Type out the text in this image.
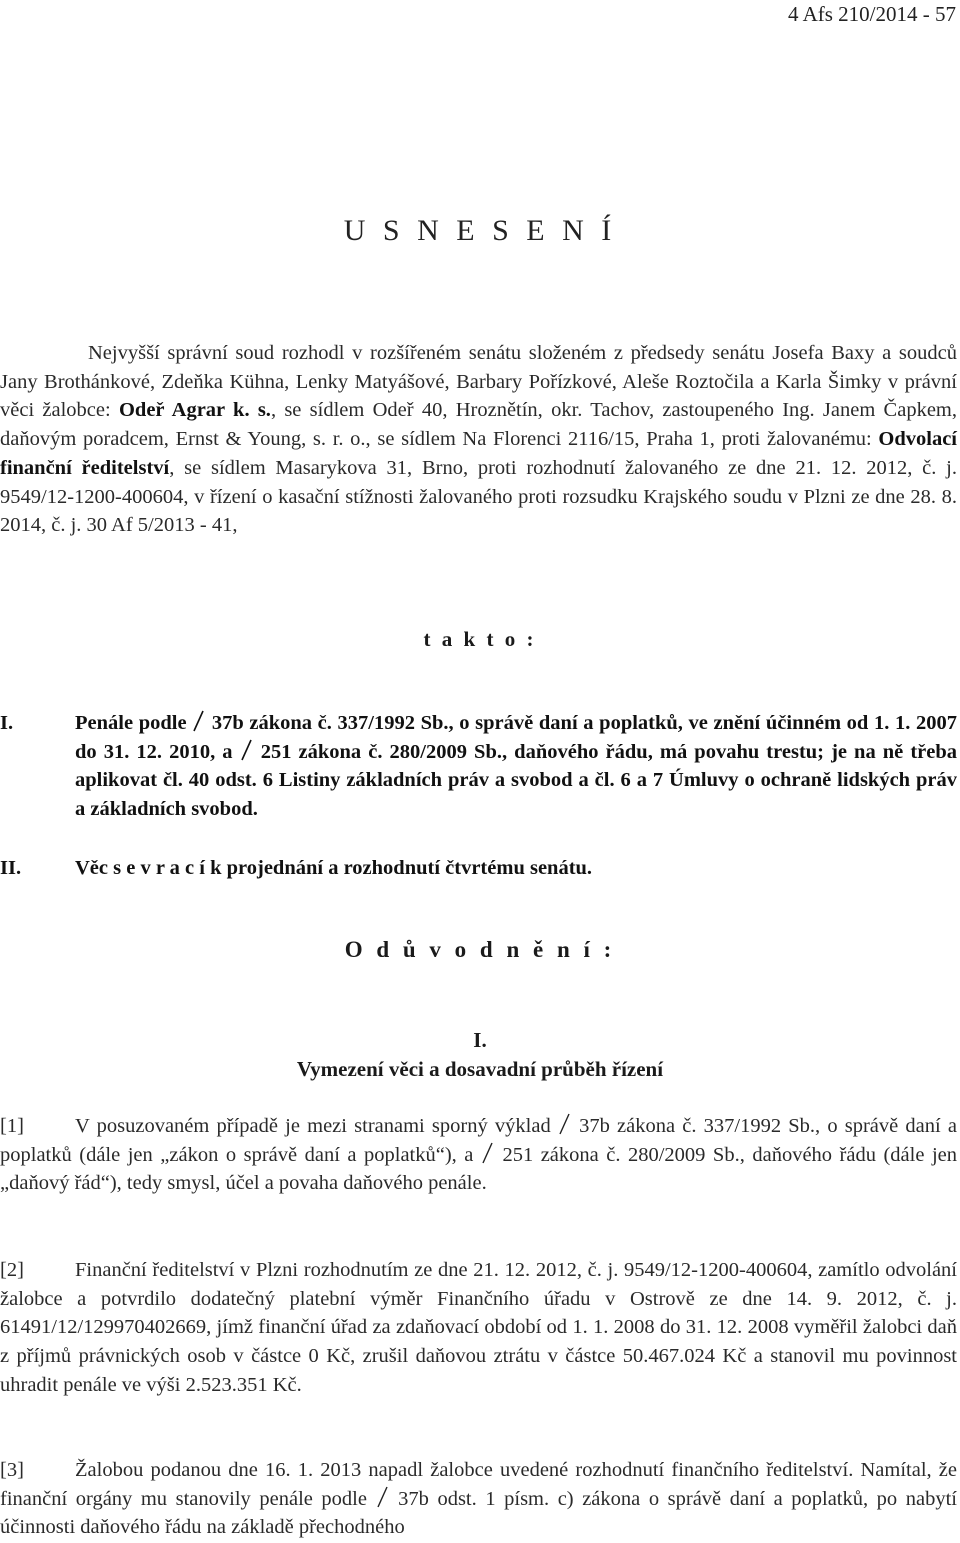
4 Afs 210/2014 - 57
U S N E S E N Í
Nejvyšší správní soud rozhodl v rozšířeném senátu složeném z předsedy senátu Josefa Baxy a soudců Jany Brothánkové, Zdeňka Kühna, Lenky Matyášové, Barbary Pořízkové, Aleše Roztočila a Karla Šimky v právní věci žalobce: Odeř Agrar k. s., se sídlem Odeř 40, Hroznětín, okr. Tachov, zastoupeného Ing. Janem Čapkem, daňovým poradcem, Ernst & Young, s. r. o., se sídlem Na Florenci 2116/15, Praha 1, proti žalovanému: Odvolací finanční ředitelství, se sídlem Masarykova 31, Brno, proti rozhodnutí žalovaného ze dne 21. 12. 2012, č. j. 9549/12-1200-400604, v řízení o kasační stížnosti žalovaného proti rozsudku Krajského soudu v Plzni ze dne 28. 8. 2014, č. j. 30 Af 5/2013 - 41,
t a k t o :
I.	Penále podle
37b zákona č. 337/1992 Sb., o správě daní a poplatků, ve znění účinném od 1. 1. 2007 do 31. 12. 2010, a
251 zákona č. 280/2009 Sb., daňového řádu, má povahu trestu; je na ně třeba aplikovat čl. 40 odst. 6 Listiny základních práv a svobod a čl. 6 a 7 Úmluvy o ochraně lidských práv a základních svobod.
II.	Věc s e v r a c í k projednání a rozhodnutí čtvrtému senátu.
O d ů v o d n ě n í :
I.
Vymezení věci a dosavadní průběh řízení
[1] V posuzovaném případě je mezi stranami sporný výklad
37b zákona č. 337/1992 Sb., o správě daní a poplatků (dále jen „zákon o správě daní a poplatků“), a
251 zákona č. 280/2009 Sb., daňového řádu (dále jen „daňový řád“), tedy smysl, účel a povaha daňového penále.
[2] Finanční ředitelství v Plzni rozhodnutím ze dne 21. 12. 2012, č. j. 9549/12-1200-400604, zamítlo odvolání žalobce a potvrdilo dodatečný platební výměr Finančního úřadu v Ostrově ze dne 14. 9. 2012, č. j. 61491/12/129970402669, jímž finanční úřad za zdaňovací období od 1. 1. 2008 do 31. 12. 2008 vyměřil žalobci daň z příjmů právnických osob v částce 0 Kč, zrušil daňovou ztrátu v částce 50.467.024 Kč a stanovil mu povinnost uhradit penále ve výši 2.523.351 Kč.
[3] Žalobou podanou dne 16. 1. 2013 napadl žalobce uvedené rozhodnutí finančního ředitelství. Namítal, že finanční orgány mu stanovily penále podle
37b odst. 1 písm. c) zákona o správě daní a poplatků, po nabytí účinnosti daňového řádu na základě přechodného
